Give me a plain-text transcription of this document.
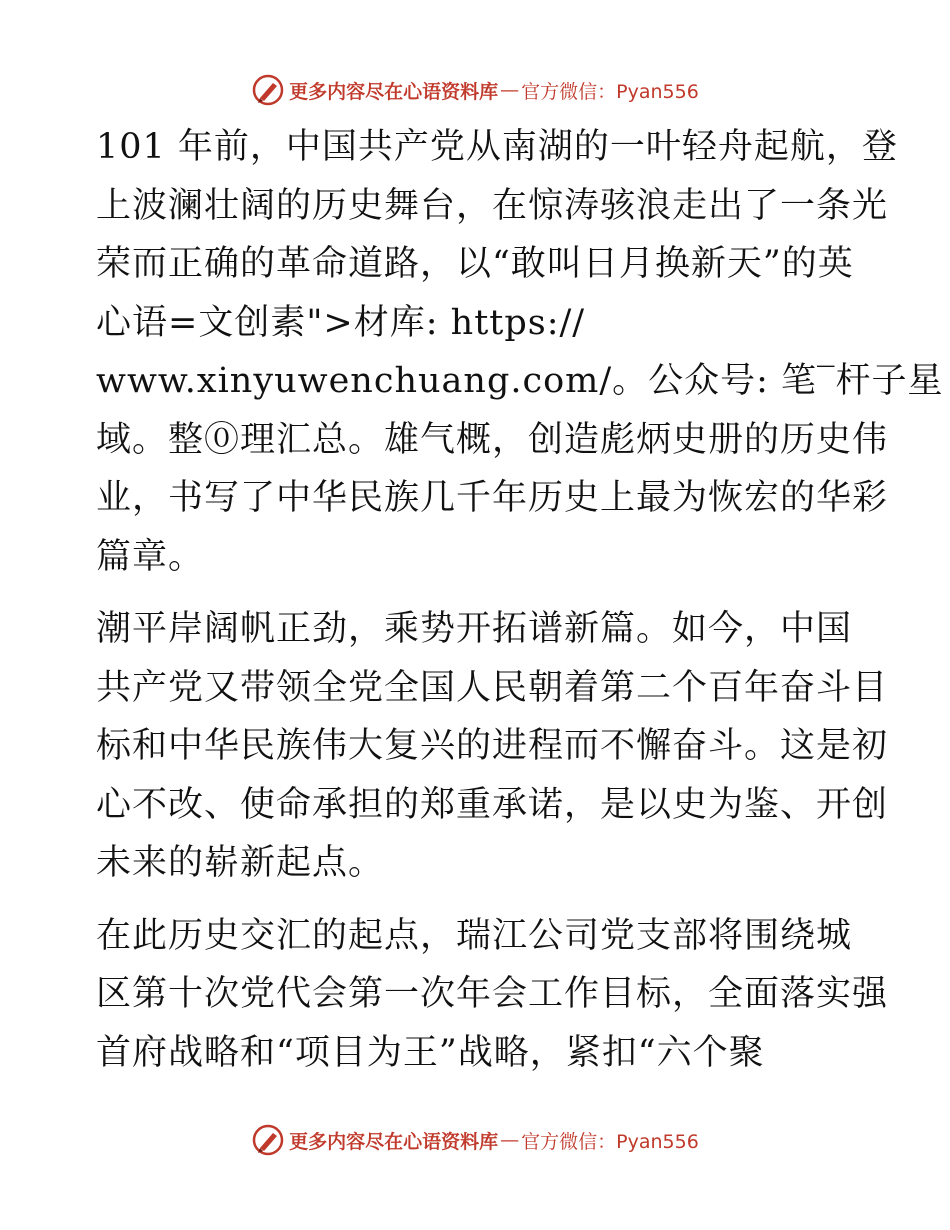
更多内容尽在心语资料库 — 官方微信：Pyan556

101 年前，中国共产党从南湖的一叶轻舟起航，登
上波澜壮阔的历史舞台，在惊涛骇浪走出了一条光
荣而正确的革命道路，以“敢叫日月换新天”的英
心语=文创素">材库: https://
www.xinyuwenchuang.com/。公众号: 笔‾杆子星
域。整⓪理汇总。雄气概，创造彪炳史册的历史伟
业，书写了中华民族几千年历史上最为恢宏的华彩
篇章。

潮平岸阔帆正劲，乘势开拓谱新篇。如今，中国
共产党又带领全党全国人民朝着第二个百年奋斗目
标和中华民族伟大复兴的进程而不懈奋斗。这是初
心不改、使命承担的郑重承诺，是以史为鉴、开创
未来的崭新起点。

在此历史交汇的起点，瑞江公司党支部将围绕城
区第十次党代会第一次年会工作目标，全面落实强
首府战略和“项目为王”战略，紧扣“六个聚

更多内容尽在心语资料库 — 官方微信：Pyan556
